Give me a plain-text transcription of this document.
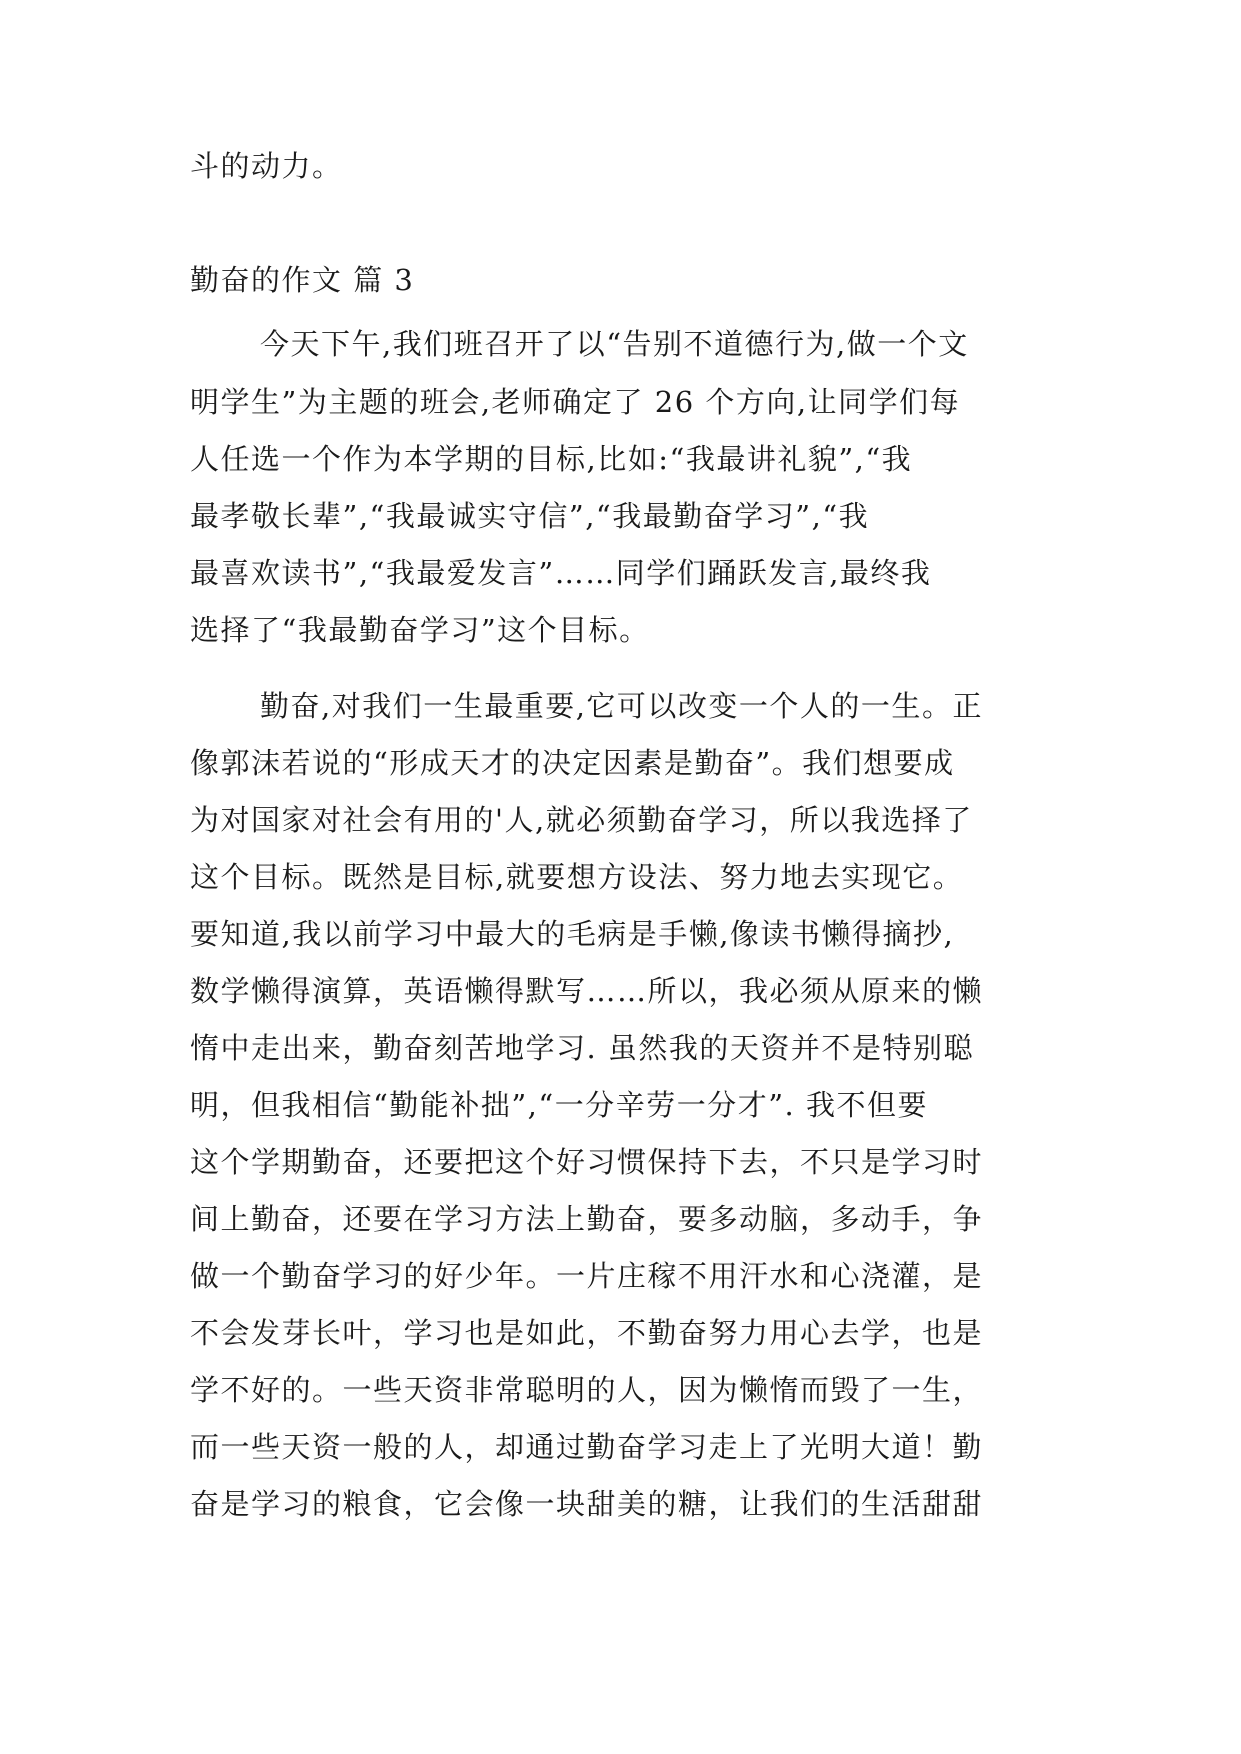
斗的动力。

勤奋的作文 篇 3

今天下午,我们班召开了以“告别不道德行为,做一个文

明学生”为主题的班会,老师确定了 26 个方向,让同学们每

人任选一个作为本学期的目标,比如:“我最讲礼貌”,“我

最孝敬长辈”,“我最诚实守信”,“我最勤奋学习”,“我

最喜欢读书”,“我最爱发言”……同学们踊跃发言,最终我

选择了“我最勤奋学习”这个目标。

勤奋,对我们一生最重要,它可以改变一个人的一生。正

像郭沫若说的“形成天才的决定因素是勤奋”。我们想要成

为对国家对社会有用的'人,就必须勤奋学习，所以我选择了

这个目标。既然是目标,就要想方设法、努力地去实现它。

要知道,我以前学习中最大的毛病是手懒,像读书懒得摘抄,

数学懒得演算，英语懒得默写……所以，我必须从原来的懒

惰中走出来，勤奋刻苦地学习. 虽然我的天资并不是特别聪

明，但我相信“勤能补拙”,“一分辛劳一分才”. 我不但要

这个学期勤奋，还要把这个好习惯保持下去，不只是学习时

间上勤奋，还要在学习方法上勤奋，要多动脑，多动手，争

做一个勤奋学习的好少年。一片庄稼不用汗水和心浇灌，是

不会发芽长叶，学习也是如此，不勤奋努力用心去学，也是

学不好的。一些天资非常聪明的人，因为懒惰而毁了一生，

而一些天资一般的人，却通过勤奋学习走上了光明大道！勤

奋是学习的粮食，它会像一块甜美的糖，让我们的生活甜甜
